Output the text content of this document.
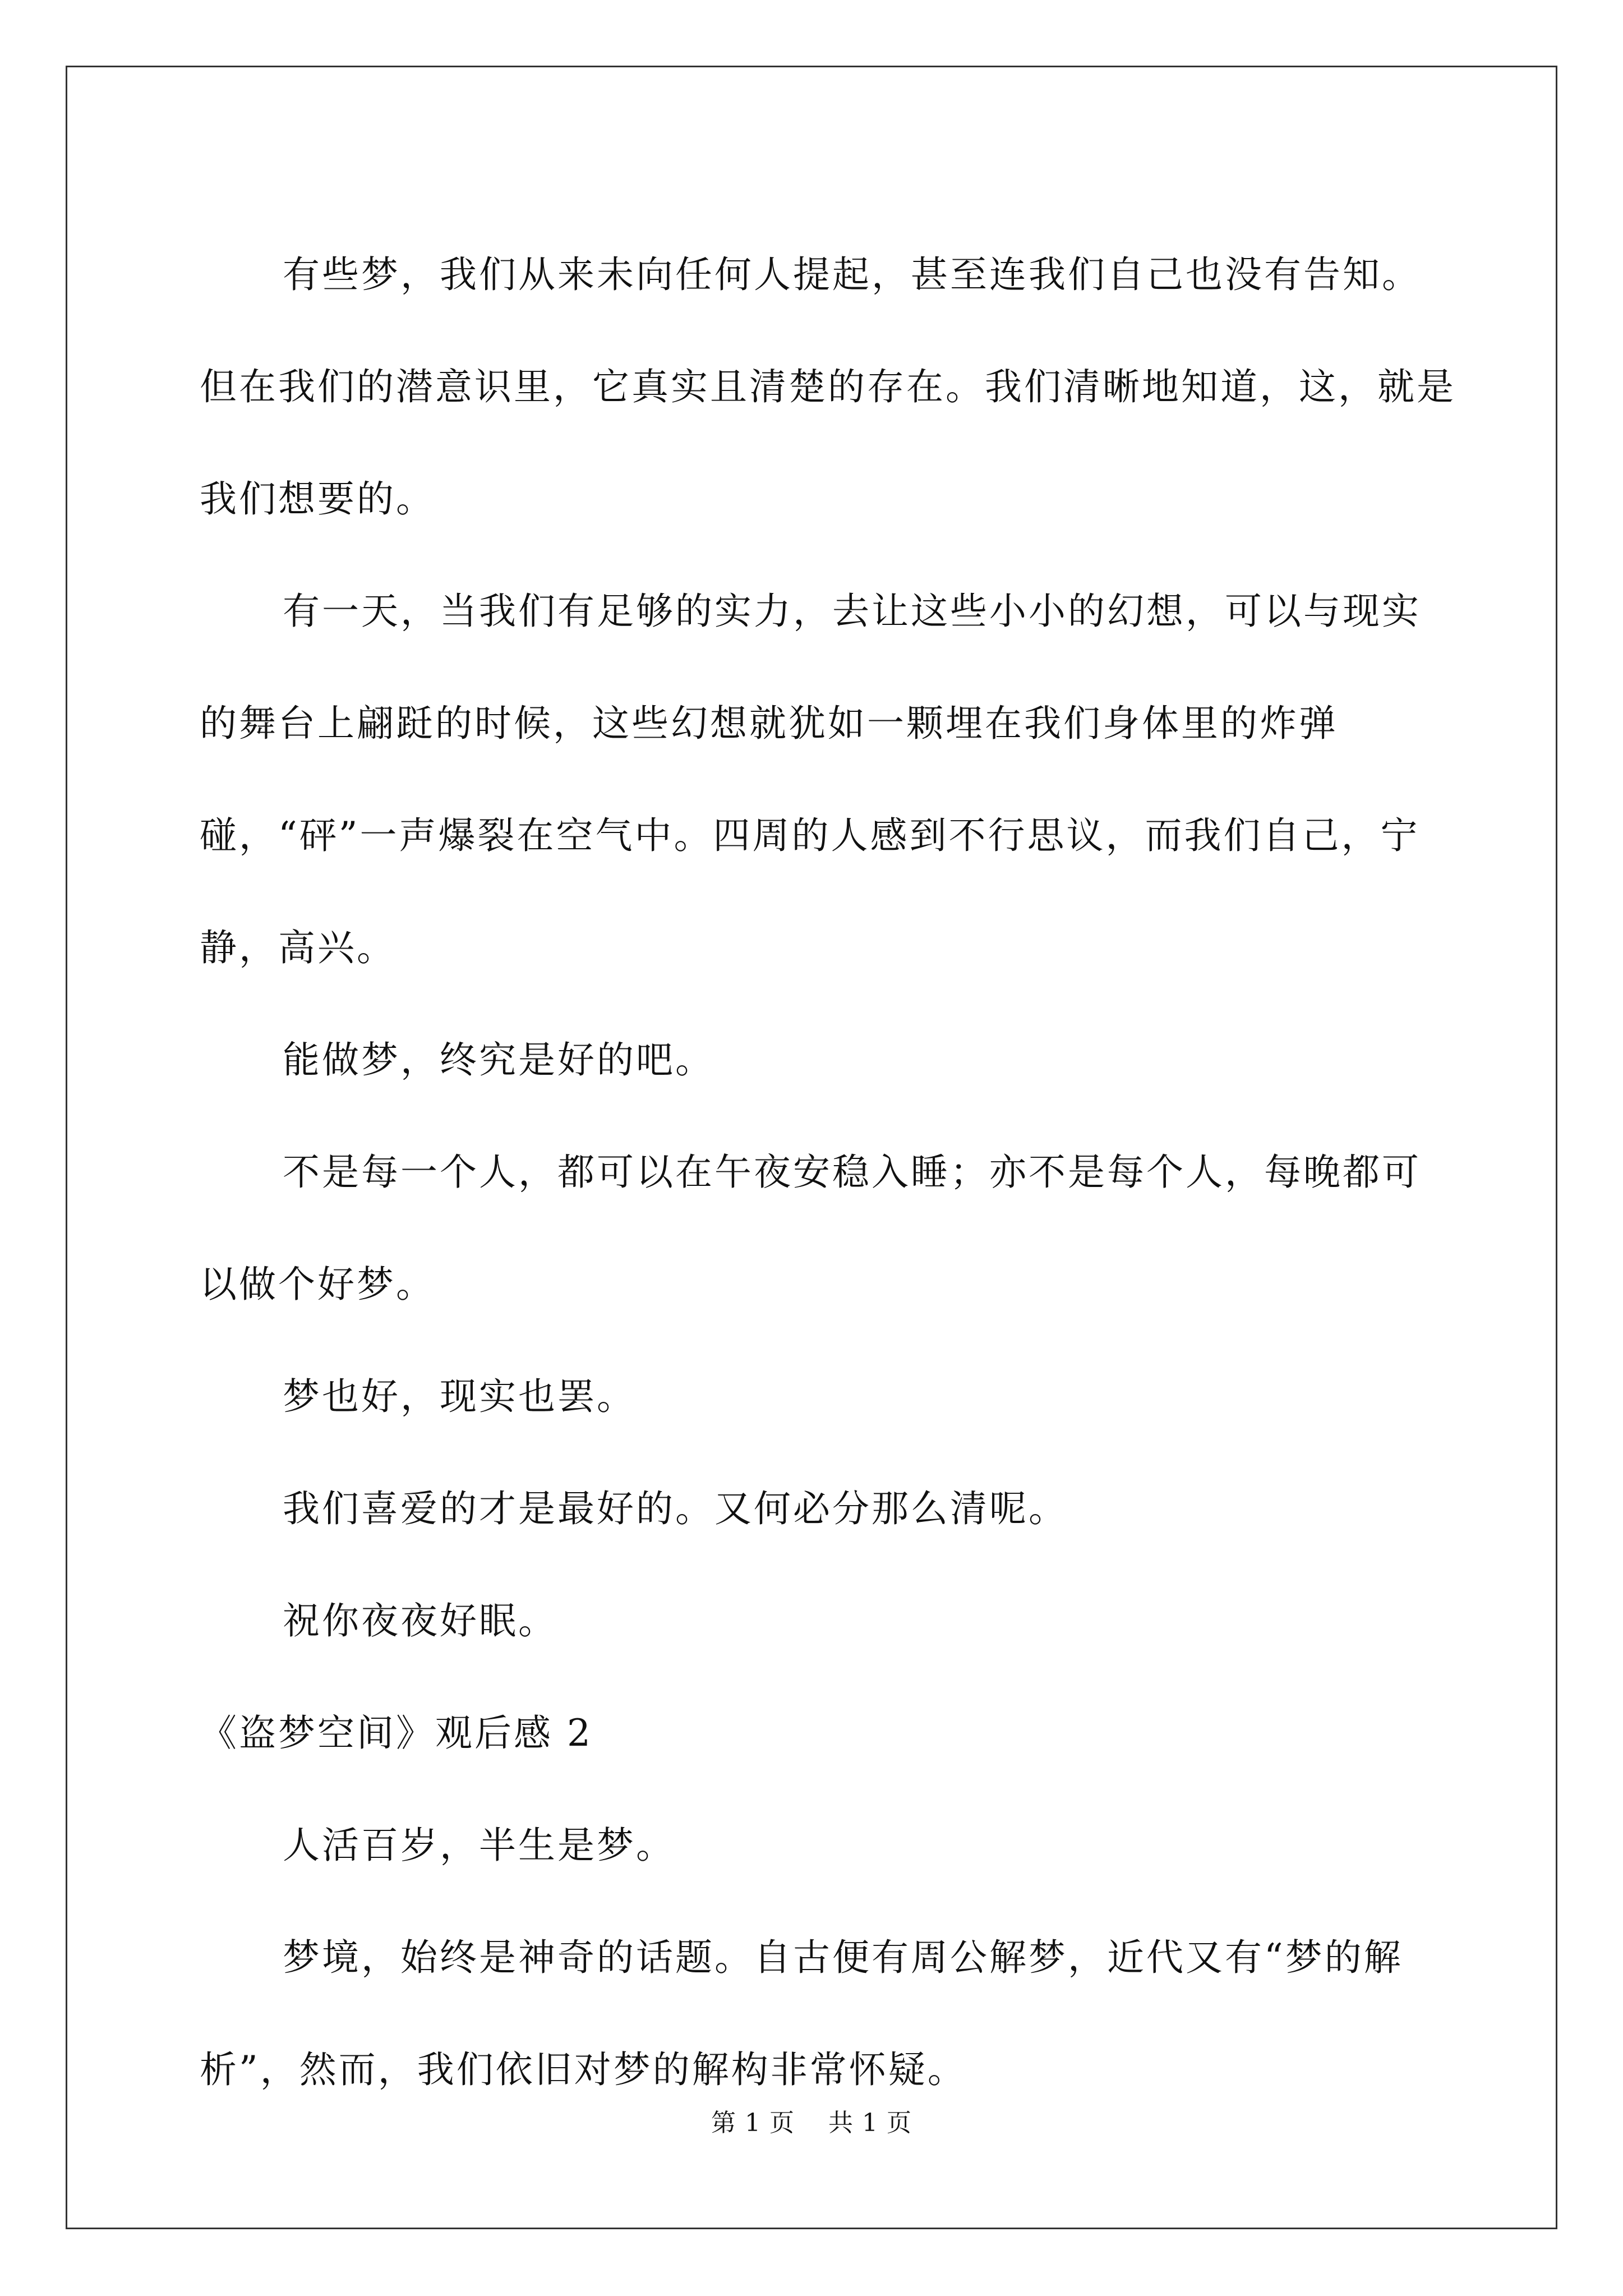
有些梦，我们从来未向任何人提起，甚至连我们自己也没有告知。但在我们的潜意识里，它真实且清楚的存在。我们清晰地知道，这，就是我们想要的。

有一天，当我们有足够的实力，去让这些小小的幻想，可以与现实的舞台上翩跹的时候，这些幻想就犹如一颗埋在我们身体里的炸弹碰，“砰”一声爆裂在空气中。四周的人感到不行思议，而我们自己，宁静，高兴。

能做梦，终究是好的吧。

不是每一个人，都可以在午夜安稳入睡；亦不是每个人，每晚都可以做个好梦。

梦也好，现实也罢。

我们喜爱的才是最好的。又何必分那么清呢。

祝你夜夜好眠。

《盗梦空间》观后感 2

人活百岁，半生是梦。

梦境，始终是神奇的话题。自古便有周公解梦，近代又有“梦的解析”，然而，我们依旧对梦的解构非常怀疑。

第 1 页 共 1 页
